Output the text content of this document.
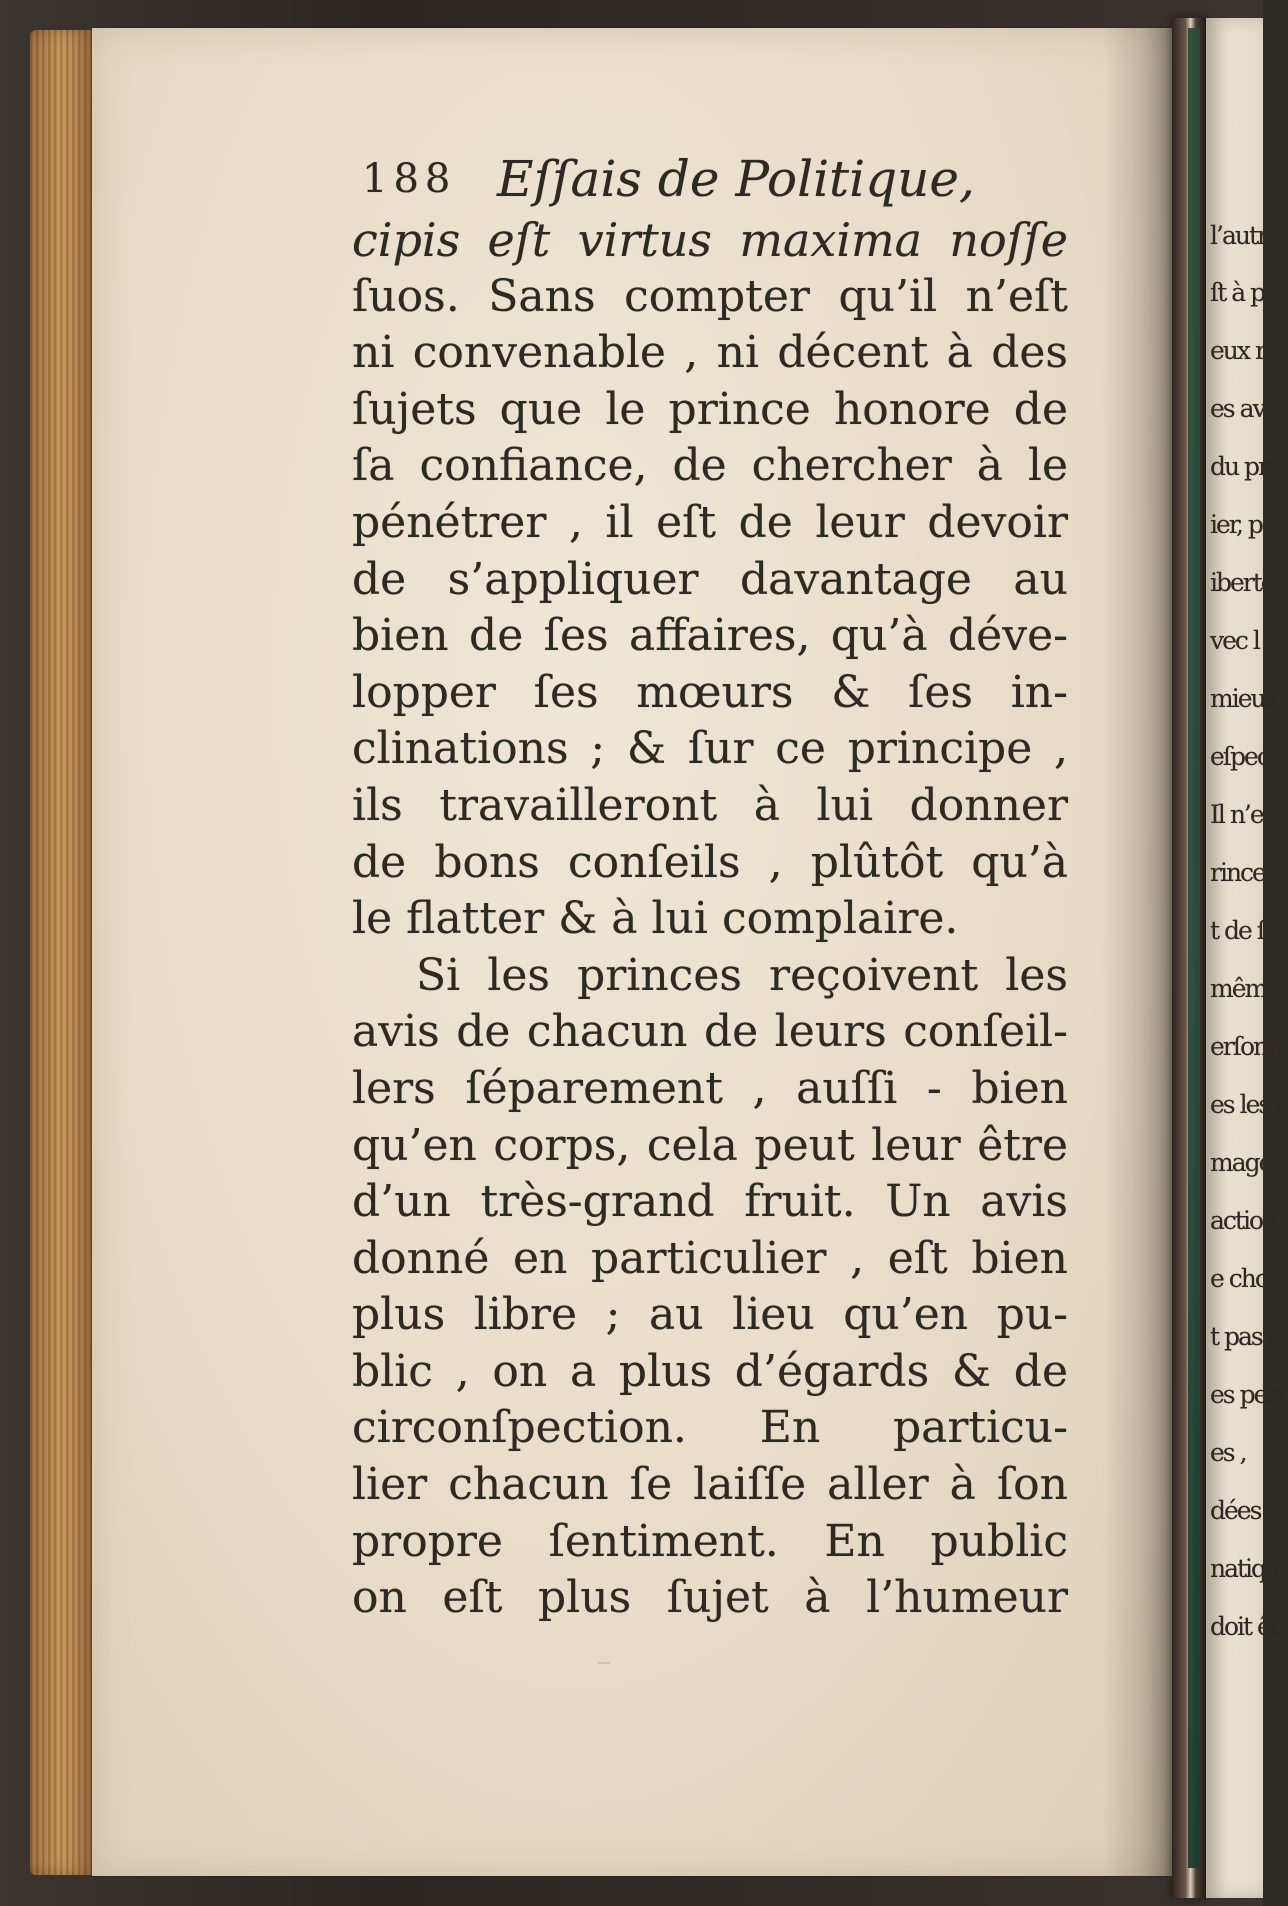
l’autr
ſt à p
eux r
es av
du pr
ier, p
iberté
vec l
mieux
eſpect
Il n’e
rince
t de ſe
même
erſonn
es les a
mages
action
e choix
t pas c
es perſ
es ,
dées ,
natiqu
doit êt
188 Eſſais de Politique,
cipis eſt virtus maxima noſſe
ſuos. Sans compter qu’il n’eſt
ni convenable , ni décent à des
ſujets que le prince honore de
ſa confiance, de chercher à le
pénétrer , il eſt de leur devoir
de s’appliquer davantage au
bien de ſes affaires, qu’à déve-
lopper ſes mœurs & ſes in-
clinations ; & ſur ce principe ,
ils travailleront à lui donner
de bons conſeils , plûtôt qu’à
le flatter & à lui complaire.
Si les princes reçoivent les
avis de chacun de leurs conſeil-
lers ſéparement , auſſi - bien
qu’en corps, cela peut leur être
d’un très-grand fruit. Un avis
donné en particulier , eſt bien
plus libre ; au lieu qu’en pu-
blic , on a plus d’égards & de
circonſpection. En particu-
lier chacun ſe laiſſe aller à ſon
propre ſentiment. En public
on eſt plus ſujet à l’humeur
